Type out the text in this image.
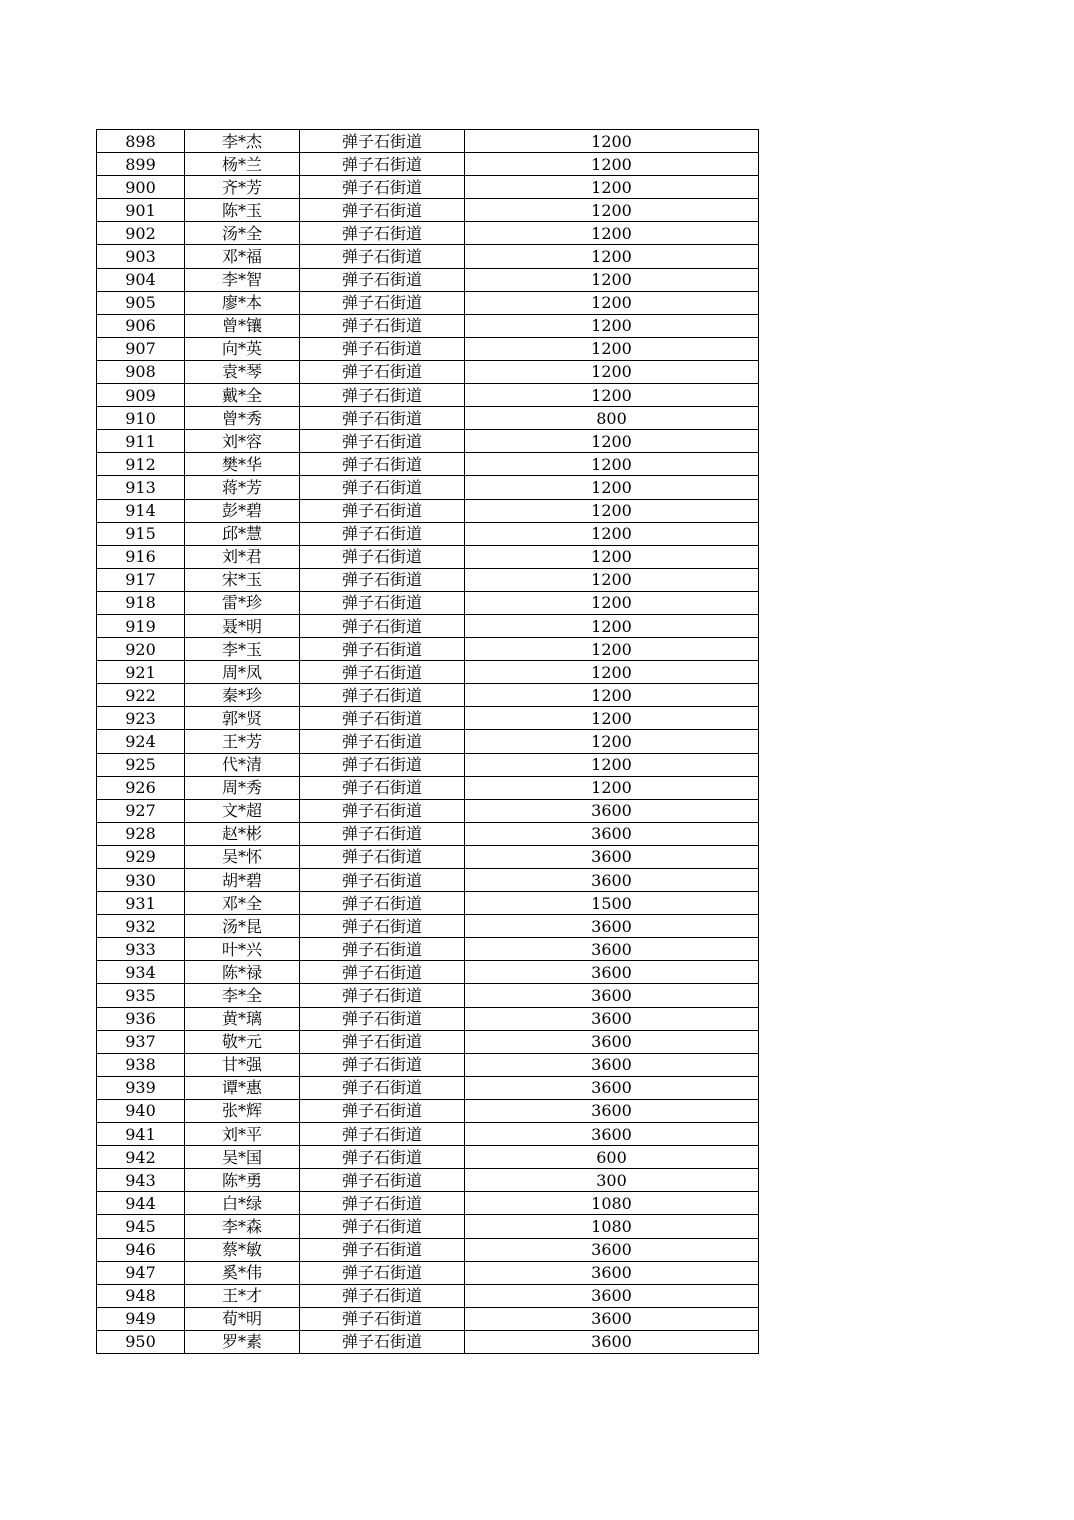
898	李*杰	弹子石街道	1200
899	杨*兰	弹子石街道	1200
900	齐*芳	弹子石街道	1200
901	陈*玉	弹子石街道	1200
902	汤*全	弹子石街道	1200
903	邓*福	弹子石街道	1200
904	李*智	弹子石街道	1200
905	廖*本	弹子石街道	1200
906	曾*镶	弹子石街道	1200
907	向*英	弹子石街道	1200
908	袁*琴	弹子石街道	1200
909	戴*全	弹子石街道	1200
910	曾*秀	弹子石街道	800
911	刘*容	弹子石街道	1200
912	樊*华	弹子石街道	1200
913	蒋*芳	弹子石街道	1200
914	彭*碧	弹子石街道	1200
915	邱*慧	弹子石街道	1200
916	刘*君	弹子石街道	1200
917	宋*玉	弹子石街道	1200
918	雷*珍	弹子石街道	1200
919	聂*明	弹子石街道	1200
920	李*玉	弹子石街道	1200
921	周*凤	弹子石街道	1200
922	秦*珍	弹子石街道	1200
923	郭*贤	弹子石街道	1200
924	王*芳	弹子石街道	1200
925	代*清	弹子石街道	1200
926	周*秀	弹子石街道	1200
927	文*超	弹子石街道	3600
928	赵*彬	弹子石街道	3600
929	吴*怀	弹子石街道	3600
930	胡*碧	弹子石街道	3600
931	邓*全	弹子石街道	1500
932	汤*昆	弹子石街道	3600
933	叶*兴	弹子石街道	3600
934	陈*禄	弹子石街道	3600
935	李*全	弹子石街道	3600
936	黄*璃	弹子石街道	3600
937	敬*元	弹子石街道	3600
938	甘*强	弹子石街道	3600
939	谭*惠	弹子石街道	3600
940	张*辉	弹子石街道	3600
941	刘*平	弹子石街道	3600
942	吴*国	弹子石街道	600
943	陈*勇	弹子石街道	300
944	白*绿	弹子石街道	1080
945	李*森	弹子石街道	1080
946	蔡*敏	弹子石街道	3600
947	奚*伟	弹子石街道	3600
948	王*才	弹子石街道	3600
949	荀*明	弹子石街道	3600
950	罗*素	弹子石街道	3600
